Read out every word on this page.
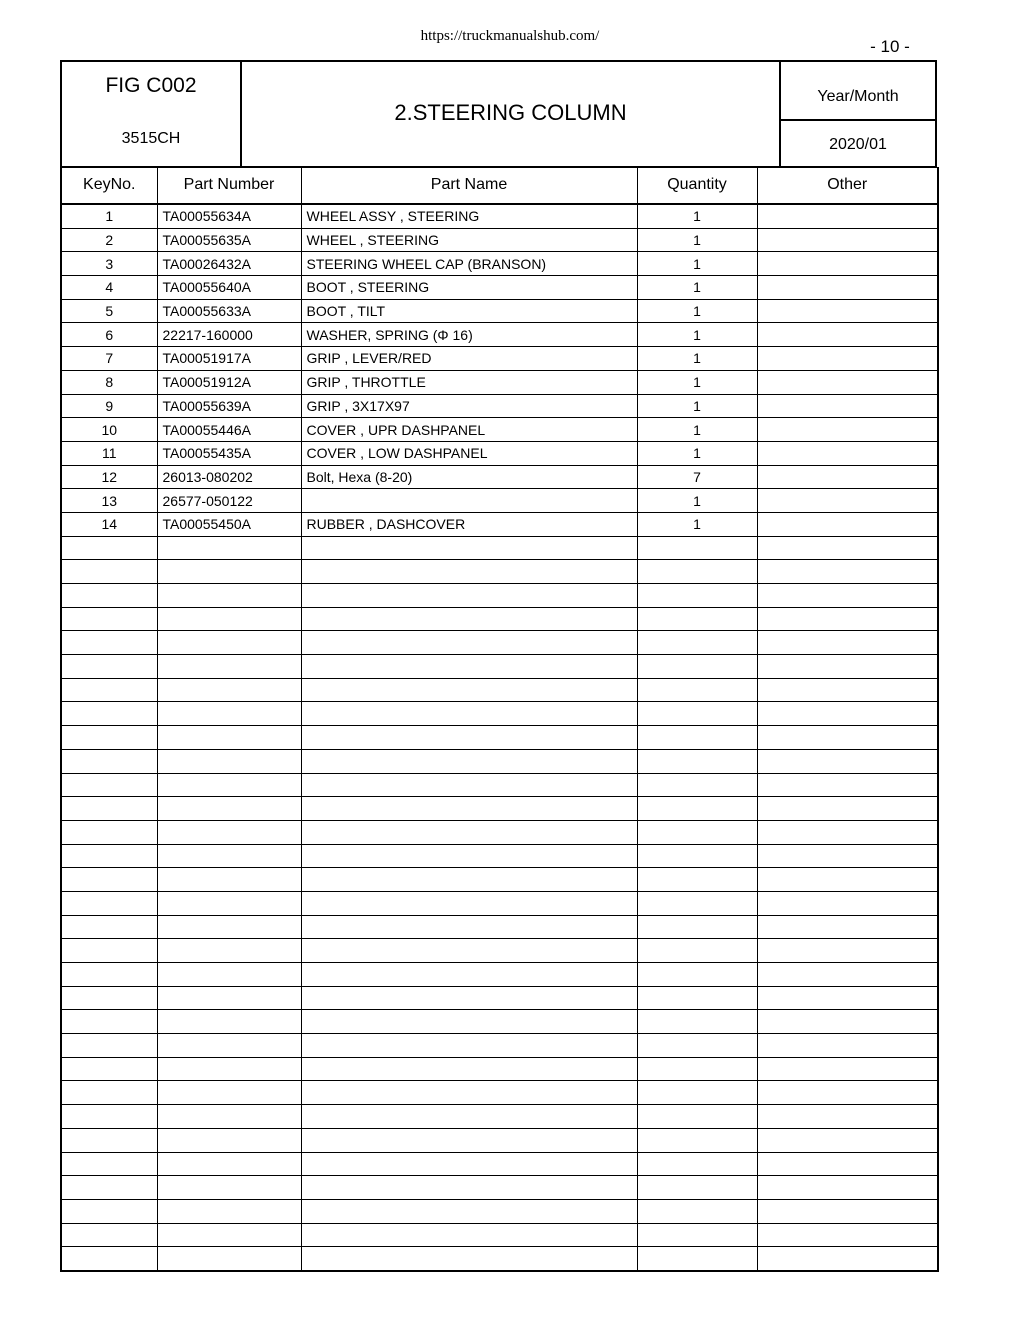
https://truckmanualshub.com/
- 10 -
FIG C002
3515CH
2.STEERING COLUMN
Year/Month
2020/01
KeyNo.	Part Number	Part Name	Quantity	Other
1	TA00055634A	WHEEL ASSY , STEERING	1	
2	TA00055635A	WHEEL , STEERING	1	
3	TA00026432A	STEERING WHEEL CAP (BRANSON)	1	
4	TA00055640A	BOOT , STEERING	1	
5	TA00055633A	BOOT , TILT	1	
6	22217-160000	WASHER, SPRING (Φ 16)	1	
7	TA00051917A	GRIP , LEVER/RED	1	
8	TA00051912A	GRIP , THROTTLE	1	
9	TA00055639A	GRIP , 3X17X97	1	
10	TA00055446A	COVER , UPR DASHPANEL	1	
11	TA00055435A	COVER , LOW DASHPANEL	1	
12	26013-080202	Bolt, Hexa (8-20)	7	
13	26577-050122		1	
14	TA00055450A	RUBBER , DASHCOVER	1	
